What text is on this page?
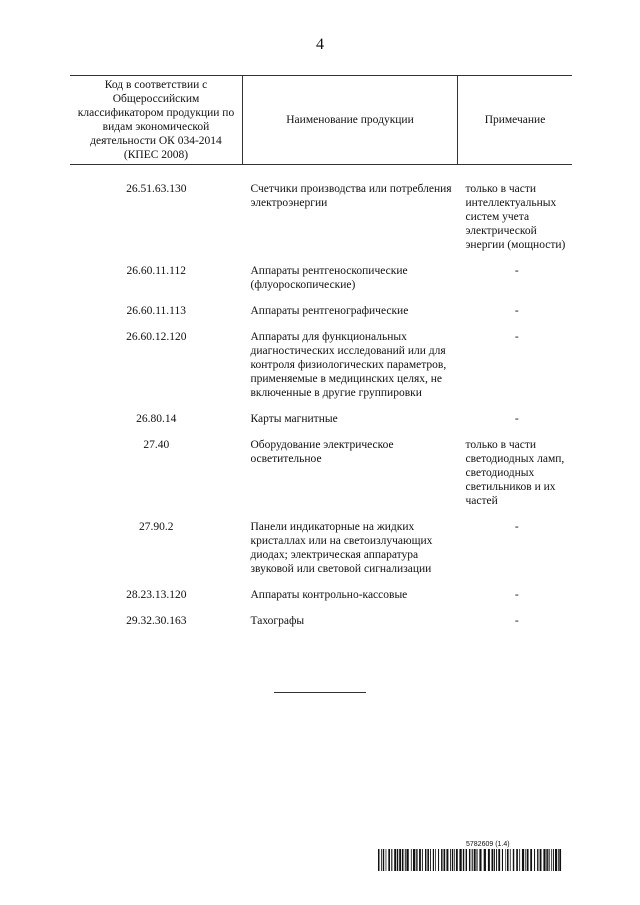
4
Код в соответствии с Общероссийским классификатором продукции по видам экономической деятельности ОК 034-2014 (КПЕС 2008)	Наименование продукции	Примечание
26.51.63.130	Счетчики производства или потребления электроэнергии	только в части интеллектуальных систем учета электрической энергии (мощности)
26.60.11.112	Аппараты рентгеноскопические (флуороскопические)	-
26.60.11.113	Аппараты рентгенографические	-
26.60.12.120	Аппараты для функциональных диагностических исследований или для контроля физиологических параметров, применяемые в медицинских целях, не включенные в другие группировки	-
26.80.14	Карты магнитные	-
27.40	Оборудование электрическое осветительное	только в части светодиодных ламп, светодиодных светильников и их частей
27.90.2	Панели индикаторные на жидких кристаллах или на светоизлучающих диодах; электрическая аппаратура звуковой или световой сигнализации	-
28.23.13.120	Аппараты контрольно-кассовые	-
29.32.30.163	Тахографы	-
5782609 (1.4)
